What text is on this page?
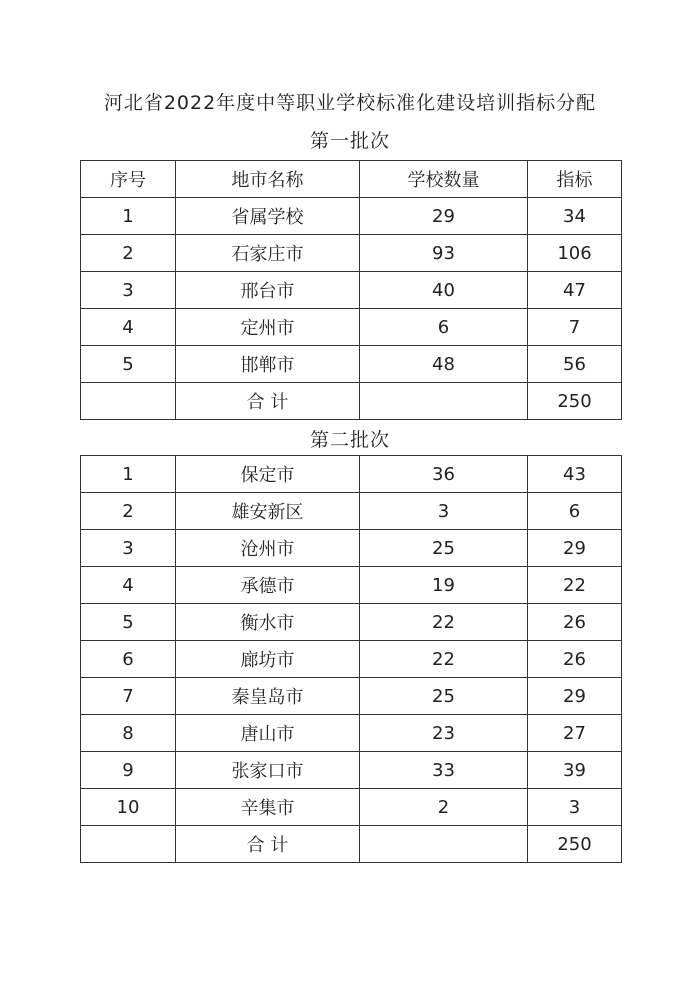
河北省2022年度中等职业学校标准化建设培训指标分配
第一批次
序号	地市名称	学校数量	指标
1	省属学校	29	34
2	石家庄市	93	106
3	邢台市	40	47
4	定州市	6	7
5	邯郸市	48	56
	合 计		250
第二批次
1	保定市	36	43
2	雄安新区	3	6
3	沧州市	25	29
4	承德市	19	22
5	衡水市	22	26
6	廊坊市	22	26
7	秦皇岛市	25	29
8	唐山市	23	27
9	张家口市	33	39
10	辛集市	2	3
	合 计		250
